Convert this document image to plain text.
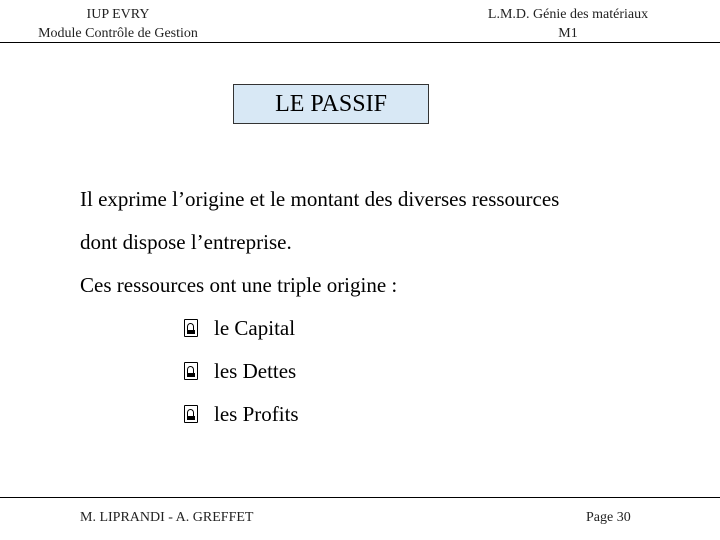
IUP EVRY
Module Contrôle de Gestion
L.M.D. Génie des matériaux
M1
LE PASSIF
Il exprime l’origine et le montant des diverses ressources
dont dispose l’entreprise.
Ces ressources ont une triple origine :
le Capital
les Dettes
les Profits
M. LIPRANDI - A. GREFFET	Page 30
